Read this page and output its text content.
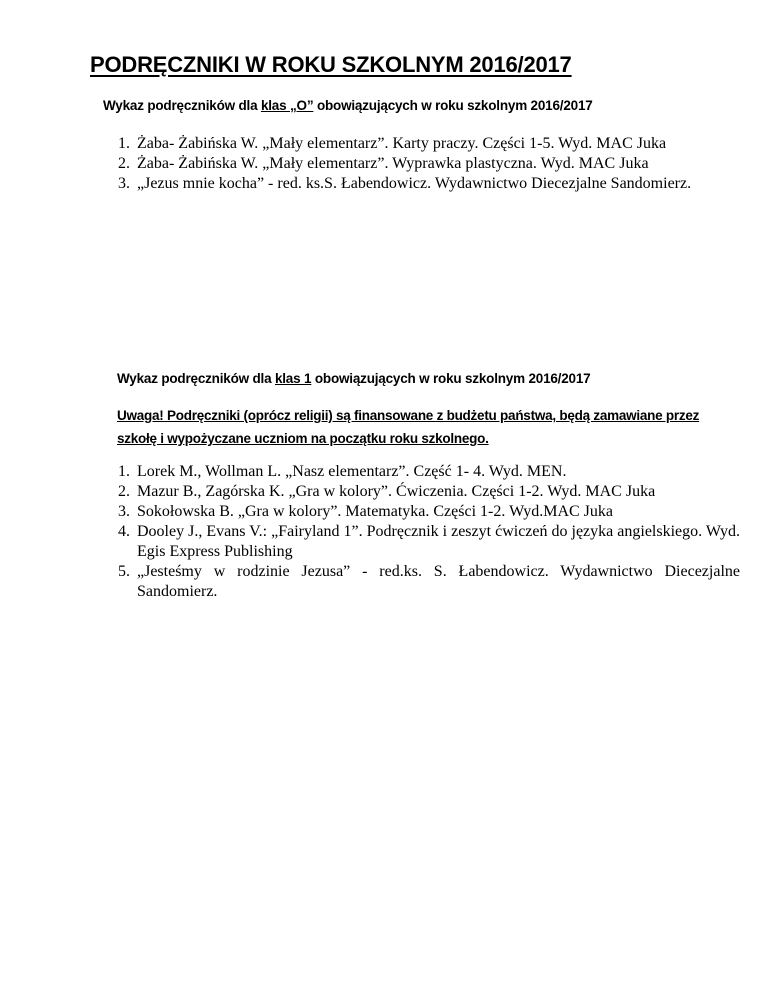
PODRĘCZNIKI W ROKU SZKOLNYM 2016/2017

Wykaz podręczników dla klas „O” obowiązujących w roku szkolnym 2016/2017

1. Żaba- Żabińska W. „Mały elementarz”. Karty praczy. Części 1-5. Wyd. MAC Juka
2. Żaba- Żabińska W. „Mały elementarz”. Wyprawka plastyczna. Wyd. MAC Juka
3. „Jezus mnie kocha” - red. ks.S. Łabendowicz. Wydawnictwo Diecezjalne Sandomierz.

Wykaz podręczników dla klas 1 obowiązujących w roku szkolnym 2016/2017

Uwaga! Podręczniki (oprócz religii) są finansowane z budżetu państwa, będą zamawiane przez szkołę i wypożyczane uczniom na początku roku szkolnego.

1. Lorek M., Wollman L. „Nasz elementarz”. Część 1- 4. Wyd. MEN.
2. Mazur B., Zagórska K. „Gra w kolory”. Ćwiczenia. Części 1-2. Wyd. MAC Juka
3. Sokołowska B. „Gra w kolory”. Matematyka. Części 1-2. Wyd.MAC Juka
4. Dooley J., Evans V.: „Fairyland 1”. Podręcznik i zeszyt ćwiczeń do języka angielskiego. Wyd. Egis Express Publishing
5. „Jesteśmy w rodzinie Jezusa” - red.ks. S. Łabendowicz. Wydawnictwo Diecezjalne Sandomierz.
